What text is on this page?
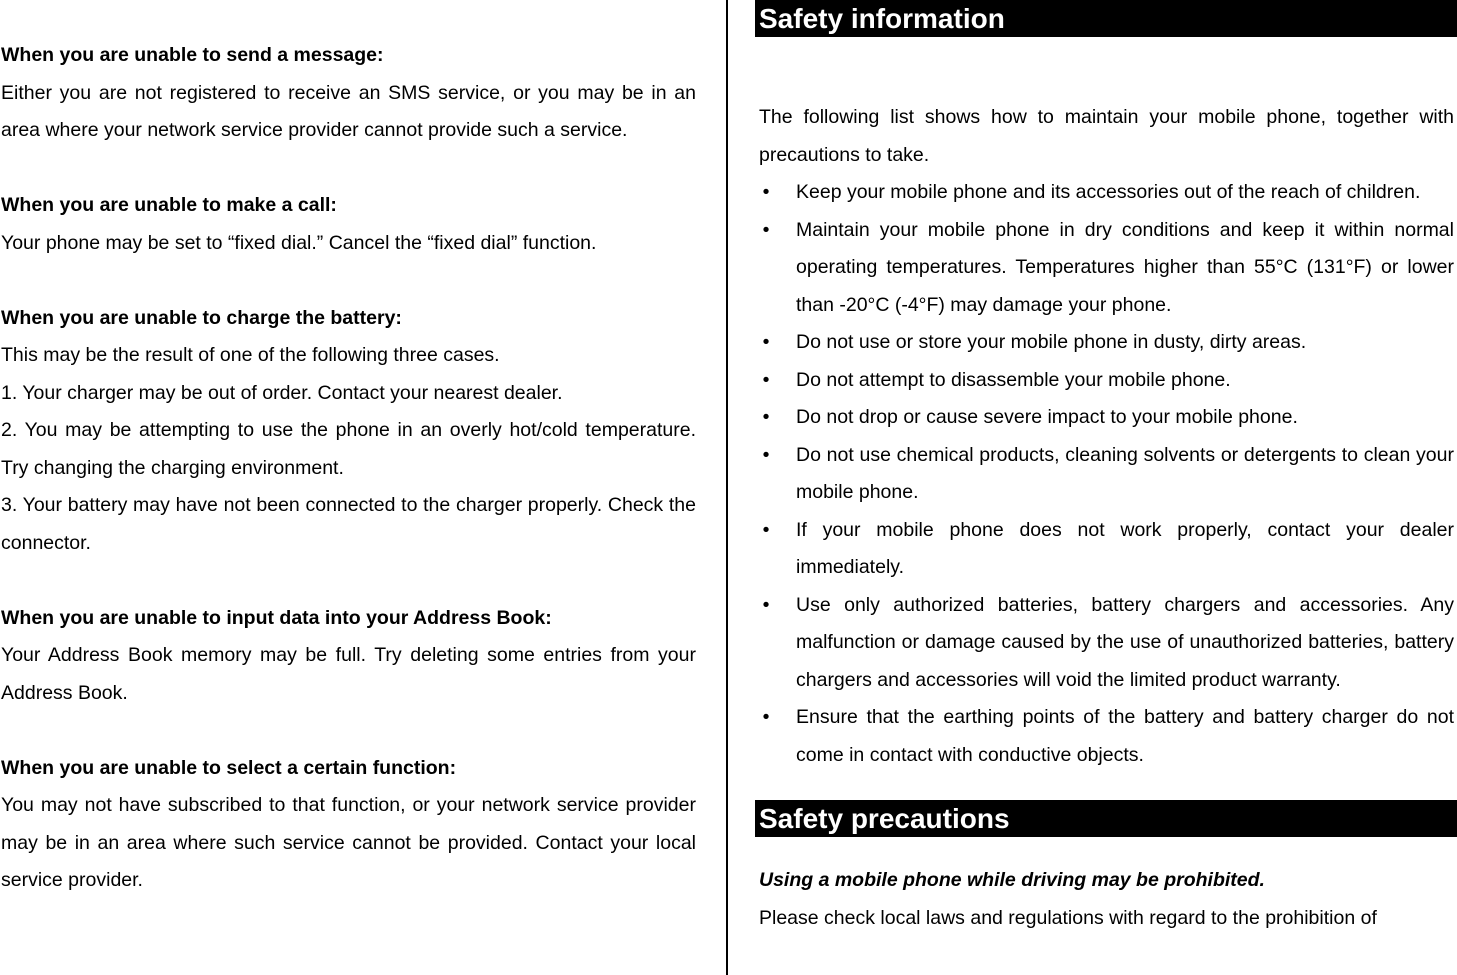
When you are unable to send a message:

Either you are not registered to receive an SMS service, or you may be in an area where your network service provider cannot provide such a service.

When you are unable to make a call:

Your phone may be set to “fixed dial.” Cancel the “fixed dial” function.

When you are unable to charge the battery:

This may be the result of one of the following three cases.

1. Your charger may be out of order. Contact your nearest dealer.

2. You may be attempting to use the phone in an overly hot/cold temperature. Try changing the charging environment.

3. Your battery may have not been connected to the charger properly. Check the connector.

When you are unable to input data into your Address Book:

Your Address Book memory may be full. Try deleting some entries from your Address Book.

When you are unable to select a certain function:

You may not have subscribed to that function, or your network service provider may be in an area where such service cannot be provided. Contact your local service provider.

Safety information

The following list shows how to maintain your mobile phone, together with precautions to take.

• Keep your mobile phone and its accessories out of the reach of children.
• Maintain your mobile phone in dry conditions and keep it within normal operating temperatures. Temperatures higher than 55°C (131°F) or lower than -20°C (-4°F) may damage your phone.
• Do not use or store your mobile phone in dusty, dirty areas.
• Do not attempt to disassemble your mobile phone.
• Do not drop or cause severe impact to your mobile phone.
• Do not use chemical products, cleaning solvents or detergents to clean your mobile phone.
• If your mobile phone does not work properly, contact your dealer immediately.
• Use only authorized batteries, battery chargers and accessories. Any malfunction or damage caused by the use of unauthorized batteries, battery chargers and accessories will void the limited product warranty.
• Ensure that the earthing points of the battery and battery charger do not come in contact with conductive objects.
Safety precautions
Using a mobile phone while driving may be prohibited.
Please check local laws and regulations with regard to the prohibition of
